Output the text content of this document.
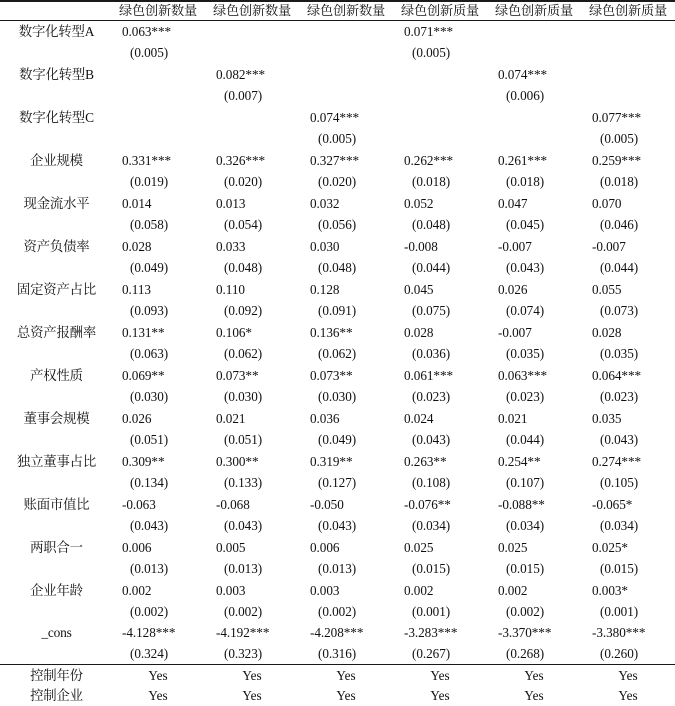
	绿色创新数量	绿色创新数量	绿色创新数量	绿色创新质量	绿色创新质量	绿色创新质量
数字化转型A	0.063***			0.071***		
	(0.005)			(0.005)		
数字化转型B		0.082***			0.074***	
		(0.007)			(0.006)	
数字化转型C			0.074***			0.077***
			(0.005)			(0.005)
企业规模	0.331***	0.326***	0.327***	0.262***	0.261***	0.259***
	(0.019)	(0.020)	(0.020)	(0.018)	(0.018)	(0.018)
现金流水平	0.014	0.013	0.032	0.052	0.047	0.070
	(0.058)	(0.054)	(0.056)	(0.048)	(0.045)	(0.046)
资产负债率	0.028	0.033	0.030	-0.008	-0.007	-0.007
	(0.049)	(0.048)	(0.048)	(0.044)	(0.043)	(0.044)
固定资产占比	0.113	0.110	0.128	0.045	0.026	0.055
	(0.093)	(0.092)	(0.091)	(0.075)	(0.074)	(0.073)
总资产报酬率	0.131**	0.106*	0.136**	0.028	-0.007	0.028
	(0.063)	(0.062)	(0.062)	(0.036)	(0.035)	(0.035)
产权性质	0.069**	0.073**	0.073**	0.061***	0.063***	0.064***
	(0.030)	(0.030)	(0.030)	(0.023)	(0.023)	(0.023)
董事会规模	0.026	0.021	0.036	0.024	0.021	0.035
	(0.051)	(0.051)	(0.049)	(0.043)	(0.044)	(0.043)
独立董事占比	0.309**	0.300**	0.319**	0.263**	0.254**	0.274***
	(0.134)	(0.133)	(0.127)	(0.108)	(0.107)	(0.105)
账面市值比	-0.063	-0.068	-0.050	-0.076**	-0.088**	-0.065*
	(0.043)	(0.043)	(0.043)	(0.034)	(0.034)	(0.034)
两职合一	0.006	0.005	0.006	0.025	0.025	0.025*
	(0.013)	(0.013)	(0.013)	(0.015)	(0.015)	(0.015)
企业年龄	0.002	0.003	0.003	0.002	0.002	0.003*
	(0.002)	(0.002)	(0.002)	(0.001)	(0.002)	(0.001)
_cons	-4.128***	-4.192***	-4.208***	-3.283***	-3.370***	-3.380***
	(0.324)	(0.323)	(0.316)	(0.267)	(0.268)	(0.260)
控制年份	Yes	Yes	Yes	Yes	Yes	Yes
控制企业	Yes	Yes	Yes	Yes	Yes	Yes
